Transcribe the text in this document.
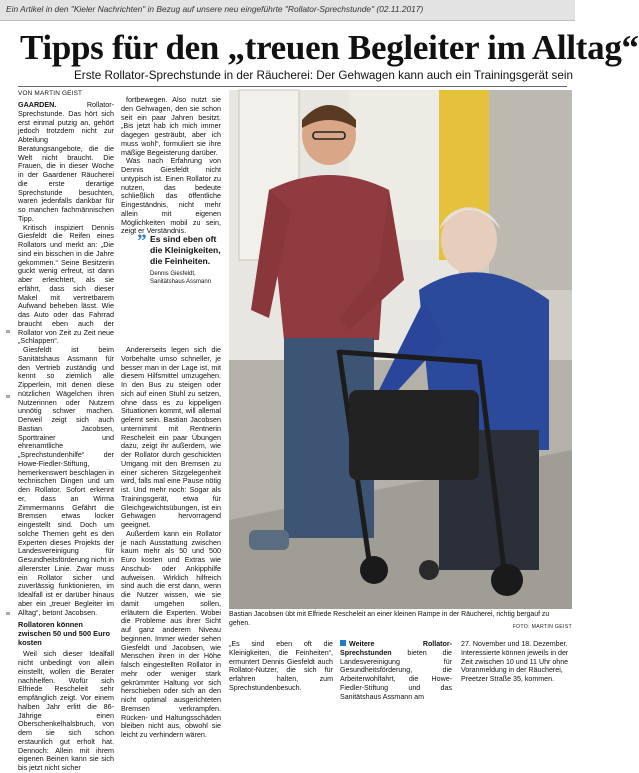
Ein Artikel in den "Kieler Nachrichten" in Bezug auf unsere neu eingeführte "Rollator-Sprechstunde" (02.11.2017)
Tipps für den „treuen Begleiter im Alltag“
Erste Rollator-Sprechstunde in der Räucherei: Der Gehwagen kann auch ein Trainingsgerät sein
VON MARTIN GEIST

GAARDEN. Rollator-Sprechstunde. Das hört sich erst einmal putzig an, gehört jedoch trotzdem nicht zur Abteilung Beratungsangebote, die die Welt nicht braucht. Die Frauen, die in dieser Woche in der Gaardener Räucherei die erste derartige Sprechstunde besuchten, waren jedenfalls dankbar für so manchen fachmännischen Tipp.

Kritisch inspiziert Dennis Giesfeldt die Reifen eines Rollators und merkt an: „Die sind ein bisschen in die Jahre gekommen.“ Seine Besitzerin guckt wenig erfreut, ist dann aber erleichtert, als sie erfährt, dass sich dieser Makel mit vertretbarem Aufwand beheben lässt. Wie das Auto oder das Fahrrad braucht eben auch der Rollator von Zeit zu Zeit neue „Schlappen“.

Giesfeldt ist beim Sanitätshaus Assmann für den Vertrieb zuständig und kennt so ziemlich alle Zipperlein, mit denen diese nützlichen Wägelchen ihren Nutzerinnen oder Nutzern unnötig schwer machen. Derweil zeigt sich auch Bastian Jacobsen, Sporttrainer und ehrenamtliche „Sprechstundenhilfe“ der Howe-Fiedler-Stiftung, hemerkenswert beschlagen in technischen Dingen und um den Rollator. Sofort erkennt er, dass an Wirma Zimmermanns Gefährt die Bremsen etwas locker eingestellt sind. Doch um solche Themen geht es den Experten dieses Projekts der Landesvereinigung für Gesundheitsförderung nicht in allererster Linie. Zwar muss ein Rollator sicher und zuverlässig funktionieren, im Idealfall ist er darüber hinaus aber ein „treuer Begleiter im Alltag“, betont Jacobsen.

Rollatoren können zwischen 50 und 500 Euro kosten

Weil sich dieser Idealfall nicht unbedingt von allein einstellt, wollen die Berater nachhelfen. Wofür sich Elfriede Rescheleit sehr empfänglich zeigt. Vor einem halben Jahr erlitt die 86-Jährige einen Oberschenkelhalsbruch, von dem sie sich schon erstaunlich gut erholt hat. Dennoch: Allein mit ihrem eigenen Beinen kann sie sich bis jetzt nicht sicher

fortbewegen. Also nutzt sie den Gehwagen, den sie schon seit ein paar Jahren besitzt. „Bis jetzt hab ich mich immer dagegen gesträubt, aber ich muss wohl“, formuliert sie ihre mäßige Begeisterung darüber.

Was nach Erfahrung von Dennis Giesfeldt nicht untypisch ist. Einen Rollator zu nutzen, das bedeute schließlich das öffentliche Eingeständnis, nicht mehr allein mit eigenen Möglichkeiten mobil zu sein, zeigt er Verständnis.

” Es sind eben oft die Kleinigkeiten, die Feinheiten.
Dennis Giesfeldt, Sanitätshaus Assmann

Andererseits legen sich die Vorbehalte umso schneller, je besser man in der Lage ist, mit diesem Hilfsmittel umzugehen. In den Bus zu steigen oder sich auf einen Stuhl zu setzen, ohne dass es zu kippeligen Situationen kommt, will allemal gelernt sein. Bastian Jacobsen unternimmt mit Rentnerin Rescheleit ein paar Übungen dazu, zeigt ihr außerdem, wie der Rollator durch geschickten Umgang mit den Bremsen zu einer sicheren Sitzgelegenheit wird, falls mal eine Pause nötig ist. Und mehr noch: Sogar als Trainingsgerät, etwa für Gleichgewichtsübungen, ist ein Gehwagen hervorragend geeignet.

Außerdem kann ein Rollator je nach Ausstattung zwischen kaum mehr als 50 und 500 Euro kosten und Extras wie Anschub- oder Ankipphilfe aufweisen. Wirklich hilfreich sind auch die erst dann, wenn die Nutzer wissen, wie sie damit umgehen sollen, erläutern die Experten. Wobei die Probleme aus ihrer Sicht auf ganz anderem Niveau beginnen. Immer wieder sehen Giesfeldt und Jacobsen, wie Menschen ihren in der Höhe falsch eingestellten Rollator in mehr oder weniger stark gekrümmter Haltung vor sich herschieben oder sich an den nicht optimal ausgerichteten Bremsen verkrampfen. Rücken- und Haltungsschäden bleiben nicht aus, obwohl sie leicht zu verhindern wären.

Bastian Jacobsen übt mit Elfriede Rescheleit an einer kleinen Rampe in der Räucherei, richtig bergauf zu gehen.
FOTO: MARTIN GEIST
„Es sind eben oft die Kleinigkeiten, die Feinheiten“, ermuntert Dennis Giesfeldt auch Rollator-Nutzer, die sich für erfahren halten, zum Sprechstundenbesuch.
Weitere Rollator-Sprechstunden bieten die Landesvereinigung für Gesundheitsförderung, die Arbeiterwohlfahrt, die Howe-Fiedler-Stiftung und das Sanitätshaus Assmann am
27. November und 18. Dezember. Interessierte können jeweils in der Zeit zwischen 10 und 11 Uhr ohne Voranmeldung in der Räucherei, Preetzer Straße 35, kommen.
